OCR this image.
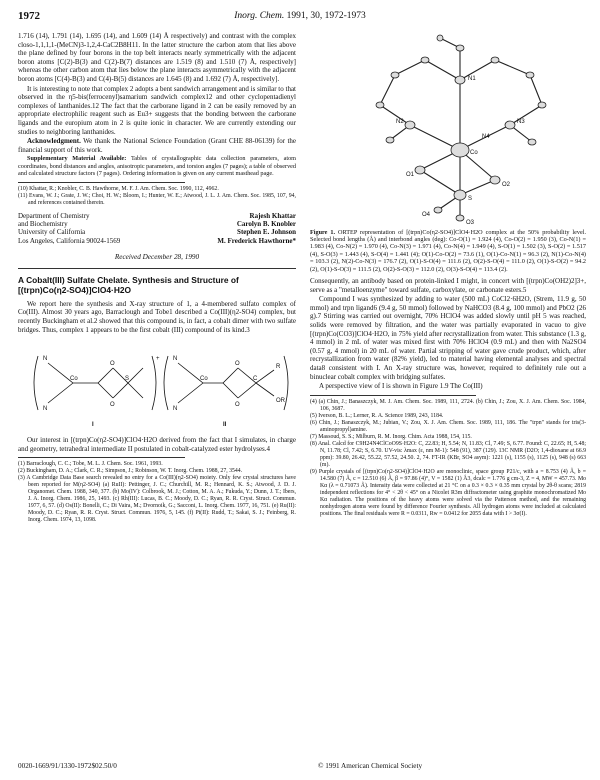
1972	Inorg. Chem. 1991, 30, 1972-1973

1.716 (14), 1.791 (14), 1.695 (14), and 1.609 (14) Å respectively) and contrast with the complex closo-1,1,1,1-(MeCN)3-1,2,4-CaC2B8H11. In the latter structure the carbon atom that lies above the plane defined by four borons in the top belt interacts nearly symmetrically with the adjacent boron atoms [C(2)-B(3) and C(2)-B(7) distances are 1.519 (8) and 1.510 (7) Å, respectively] whereas the other carbon atom that lies below the plane interacts asymmetrically with the adjacent boron atoms [C(4)-B(3) and C(4)-B(5) distances are 1.645 (8) and 1.692 (7) Å, respectively].

It is interesting to note that complex 2 adopts a bent sandwich arrangement and is similar to that observed in the η5-bis(ferrocenyl)samarium sandwich complex12 and other cyclopentadienyl complexes of lanthanides.12 The fact that the carborane ligand in 2 can be easily removed by an appropriate electrophilic reagent such as Eu3+ suggests that the bonding between the carborane ligands and the europium atom in 2 is quite ionic in character. We are currently extending our studies to neighboring lanthanides.

Acknowledgment. We thank the National Science Foundation (Grant CHE 88-06139) for the financial support of this work.

Supplementary Material Available: Tables of crystallographic data collection parameters, atom coordinates, bond distances and angles, anisotropic parameters, and torsion angles (7 pages); a table of observed and calculated structure factors (7 pages). Ordering information is given on any current masthead page.

(10) Khattar, R.; Knobler, C. B. Hawthorne, M. F. J. Am. Chem. Soc. 1990, 112, 4962.
(11) Evans, W. J.; Grate, J. W.; Choi, H. W.; Bloom, I.; Hunter, W. E.; Atwood, J. L. J. Am. Chem. Soc. 1985, 107, 94, and references contained therein.
Department of Chemistry
and Biochemistry
University of California
Los Angeles, California 90024-1569
Rajesh Khattar
Carolyn B. Knobler
Stephen E. Johnson
M. Frederick Hawthorne*
Received December 28, 1990
A Cobalt(III) Sulfate Chelate. Synthesis and Structure of
[(trpn)Co(η2-SO4)]ClO4·H2O

We report here the synthesis and X-ray structure of 1, a 4-membered sulfato complex of Co(III). Almost 30 years ago, Barraclough and Tobe1 described a Co(III)(η2-SO4) complex, but recently Buckingham et al.2 showed that this compound is, in fact, a cobalt dimer with two sulfate bridges. Thus, complex 1 appears to be the first cobalt (III) compound of its kind.3

N
N
Co
O
O
S
+
I
N
N
Co
O
O
C
R
OR
II

Our interest in [(trpn)Co(η2-SO4)]ClO4·H2O derived from the fact that I simulates, in charge and geometry, tetrahedral intermediate II postulated in cobalt-catalyzed ester hydrolyses.4

(1) Barraclough, C. C.; Tobe, M. L. J. Chem. Soc. 1961, 1993.
(2) Buckingham, D. A.; Clark, C. R.; Simpson, J.; Robinson, W. T. Inorg. Chem. 1988, 27, 3544.
(3) A Cambridge Data Base search revealed no entry for a Co(III)(η2-SO4) moiety. Only few crystal structures have been reported for M(η2-SO4) (a) RuII): Pettinger, J. C.; Churchill, M. R.; Hennard, K. S.; Atwood, J. D. J. Organomet. Chem. 1988, 340, 377. (b) Mo(IV): Colbrook, M. J.; Cotton, M. A. A.; Fukuda, Y.; Dunn, J. T.; Ibers, J. A. Inorg. Chem. 1986, 25, 1493. (c) Rh(III): Lucas, B. C.; Moody, D. C.; Ryan, R. R. Cryst. Struct. Commun. 1977, 6, 57. (d) Os(II): Bonelli, C.; Di Vaira, M.; Dvornoik, G.; Sacconi, L. Inorg. Chem. 1977, 16, 751. (e) Ru(II): Moody, D. C.; Ryan, R. R. Cryst. Struct. Commun. 1976, 5, 145. (f) Pt(II): Rudd, T.; Sakai, S. J.; Feinberg, R. Inorg. Chem. 1974, 13, 1098.
N1
N2	N3
N4
Co
O1
O2
O3
O4
S
Figure 1. ORTEP representation of [(trpn)Co(η2-SO4)]ClO4·H2O complex at the 50% probability level. Selected bond lengths (Å) and interbond angles (deg): Co-O(1) = 1.924 (4), Co-O(2) = 1.950 (3), Co-N(1) = 1.983 (4), Co-N(2) = 1.970 (4), Co-N(3) = 1.971 (4), Co-N(4) = 1.949 (4), S-O(1) = 1.502 (3), S-O(2) = 1.517 (4), S-O(3) = 1.443 (4), S-O(4) = 1.441 (4); O(1)-Co-O(2) = 73.6 (1), O(1)-Co-N(1) = 96.3 (2), N(1)-Co-N(4) = 103.3 (2), N(2)-Co-N(3) = 176.7 (2), O(1)-S-O(4) = 111.6 (2), O(2)-S-O(4) = 111.0 (2), O(1)-S-O(2) = 94.2 (2), O(1)-S-O(3) = 111.5 (2), O(2)-S-O(3) = 112.0 (2), O(3)-S-O(4) = 113.4 (2).

Consequently, an antibody based on protein-linked I might, in concert with [(trpn)Co(OH2)2]3+, serve as a "metalloenzyme" toward sulfate, carboxylate, or carbonate esters.5

Compound I was synthesized by adding to water (500 mL) CoCl2·6H2O, (Strem, 11.9 g, 50 mmol) and trpn ligand6 (9.4 g, 50 mmol) followed by NaHCO3 (8.4 g, 100 mmol) and PbO2 (26 g).7 Stirring was carried out overnight, 70% HClO4 was added slowly until pH 5 was reached, solids were removed by filtration, and the water was partially evaporated in vacuo to give [(trpn)Co(CO3)]ClO4·H2O, in 75% yield after recrystallization from water. This substance (1.3 g, 4 mmol) in 2 mL of water was mixed first with 70% HClO4 (0.9 mL) and then with Na2SO4 (0.57 g, 4 mmol) in 20 mL of water. Partial stripping of water gave crude product, which, after recrystallization from water (82% yield), led to material having elemental analyses and spectral data8 consistent with I. An X-ray structure was, however, required to definitely rule out a binuclear cobalt complex with bridging sulfates.

A perspective view of I is shown in Figure 1.9 The Co(III)

(4) (a) Chin, J.; Banaszczyk, M. J. Am. Chem. Soc. 1989, 111, 2724. (b) Chin, J.; Zou, X. J. Am. Chem. Soc. 1984, 106, 3687.
(5) Iverson, B. L.; Lerner, R. A. Science 1989, 243, 1184.
(6) Chin, J.; Banaszczyk, M.; Jubian, V.; Zou, X. J. Am. Chem. Soc. 1989, 111, 186. The "trpn" stands for tris(3-aminopropyl)amine.
(7) Massoud, S. S.; Milburn, R. M. Inorg. Chim. Acta 1988, 154, 115.
(8) Anal. Calcd for C9H24N4ClCoO9S·H2O: C, 22.83; H, 5.54; N, 11.83; Cl, 7.49; S, 6.77. Found: C, 22.65; H, 5.48; N, 11.78; Cl, 7.42; S, 6.70. UV-vis: λmax (ε, nm M-1): 548 (91), 387 (129). 13C NMR (D2O; 1,4-dioxane at 66.9 ppm): 39.80, 26.42, 55.22, 57.52, 24.50. 2, 74. FT-IR (KBr, SO4 asym): 1221 (s), 1155 (s), 1125 (s), 948 (s) 663 (m).
(9) Purple crystals of [(trpn)Co(η2-SO4)]ClO4·H2O are monoclinic, space group P21/c, with a = 8.753 (4) Å, b = 14.580 (7) Å, c = 12.510 (6) Å, β = 97.86 (4)°, V = 1582 (1) Å3, dcalc = 1.776 g cm-3, Z = 4, MW = 457.73. Mo Kα (λ = 0.71073 Å). Intensity data were collected at 21 °C on a 0.3 × 0.3 × 0.35 mm crystal by 2θ-θ scans; 2819 independent reflections for 4° < 2θ < 45° on a Nicolet R3m diffractometer using graphite monochromatized Mo Kα radiation. The positions of the heavy atoms were solved via the Patterson method, and the remaining nonhydrogen atoms were found by difference Fourier synthesis. All hydrogen atoms were included at calculated positions. The final residuals were R = 0.0311, Rw = 0.0412 for 2055 data with I > 3σ(I).
0020-1669/91/1330-1972$02.50/0	© 1991 American Chemical Society
